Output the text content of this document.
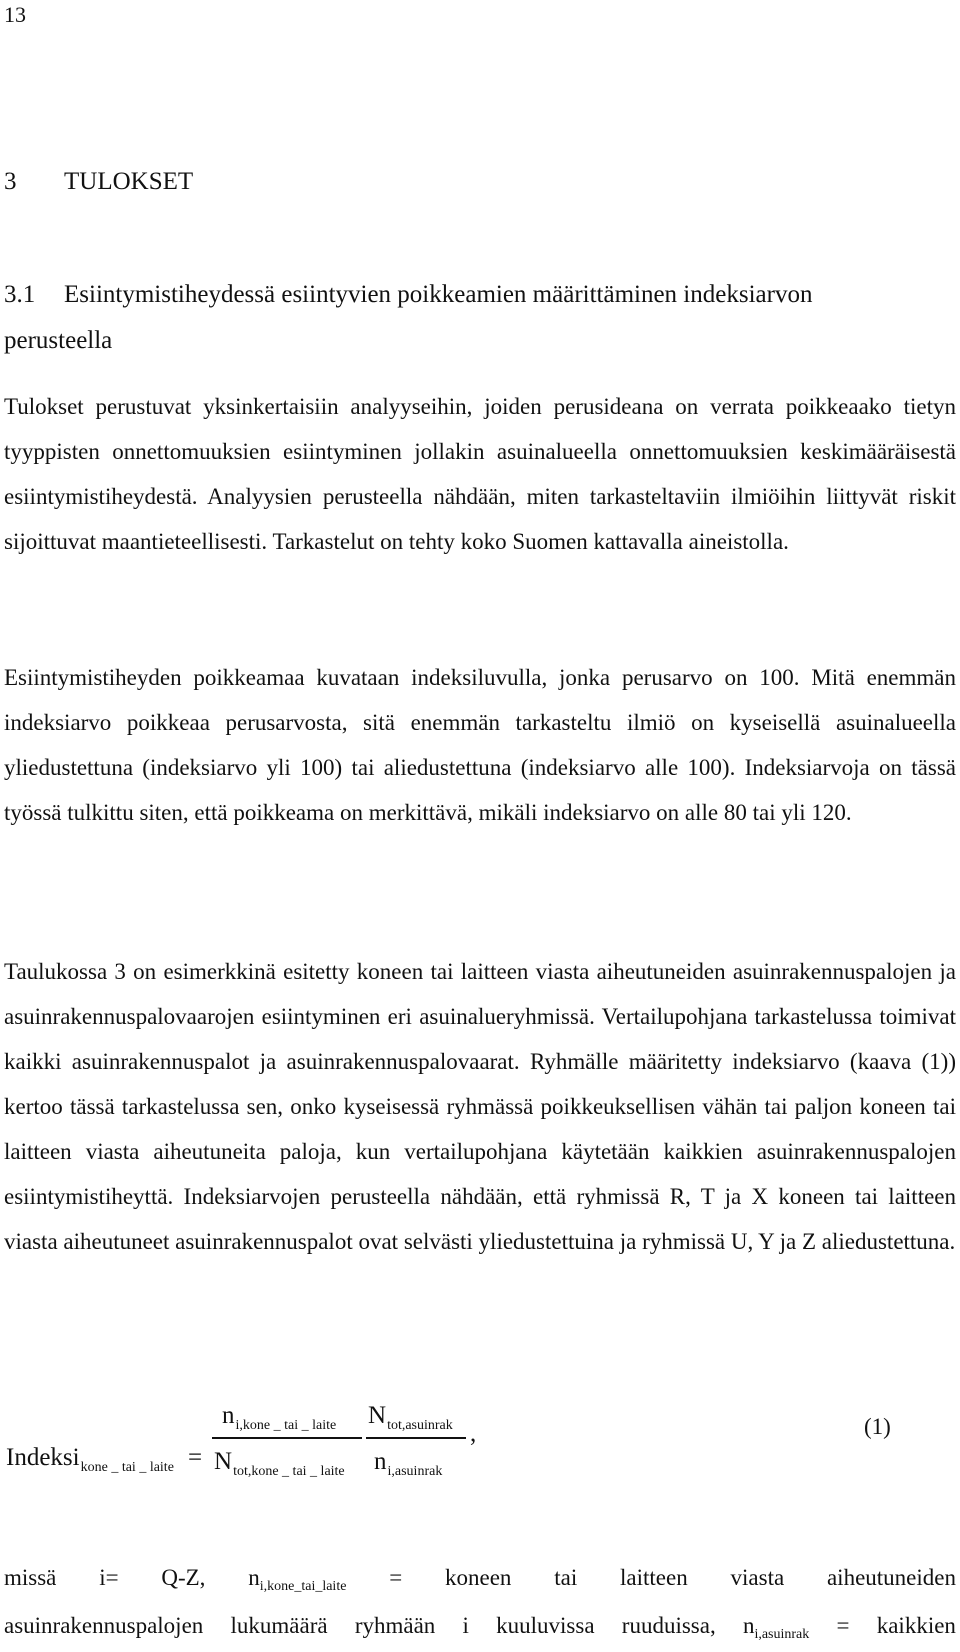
13
3 TULOKSET
3.1 Esiintymistiheydessä esiintyvien poikkeamien määrittäminen indeksiarvon perusteella
Tulokset perustuvat yksinkertaisiin analyyseihin, joiden perusideana on verrata poikkeaako tietyn tyyppisten onnettomuuksien esiintyminen jollakin asuinalueella onnettomuuksien keskimääräisestä esiintymistiheydestä. Analyysien perusteella nähdään, miten tarkasteltaviin ilmiöihin liittyvät riskit sijoittuvat maantieteellisesti. Tarkastelut on tehty koko Suomen kattavalla aineistolla.
Esiintymistiheyden poikkeamaa kuvataan indeksiluvulla, jonka perusarvo on 100. Mitä enemmän indeksiarvo poikkeaa perusarvosta, sitä enemmän tarkasteltu ilmiö on kyseisellä asuinalueella yliedustettuna (indeksiarvo yli 100) tai aliedustettuna (indeksiarvo alle 100). Indeksiarvoja on tässä työssä tulkittu siten, että poikkeama on merkittävä, mikäli indeksiarvo on alle 80 tai yli 120.
Taulukossa 3 on esimerkkinä esitetty koneen tai laitteen viasta aiheutuneiden asuinrakennuspalojen ja asuinrakennuspalovaarojen esiintyminen eri asuinalueryhmissä. Vertailupohjana tarkastelussa toimivat kaikki asuinrakennuspalot ja asuinrakennuspalovaarat. Ryhmälle määritetty indeksiarvo (kaava (1)) kertoo tässä tarkastelussa sen, onko kyseisessä ryhmässä poikkeuksellisen vähän tai paljon koneen tai laitteen viasta aiheutuneita paloja, kun vertailupohjana käytetään kaikkien asuinrakennuspalojen esiintymistiheyttä. Indeksiarvojen perusteella nähdään, että ryhmissä R, T ja X koneen tai laitteen viasta aiheutuneet asuinrakennuspalot ovat selvästi yliedustettuina ja ryhmissä U, Y ja Z aliedustettuna.
Indeksi$_{kone \_ tai \_ laite}$ =
$n_{i,kone \_ tai \_ laite}$
$N_{tot,kone \_ tai \_ laite}$
$N_{tot,asuinrak}$
$n_{i,asuinrak}$
,	(1)
missä i= Q-Z, $n_{i,kone\_tai\_laite}$ = koneen tai laitteen viasta aiheutuneiden
asuinrakennuspalojen lukumäärä ryhmään i kuuluvissa ruuduissa, $n_{i,asuinrak}$ = kaikkien
